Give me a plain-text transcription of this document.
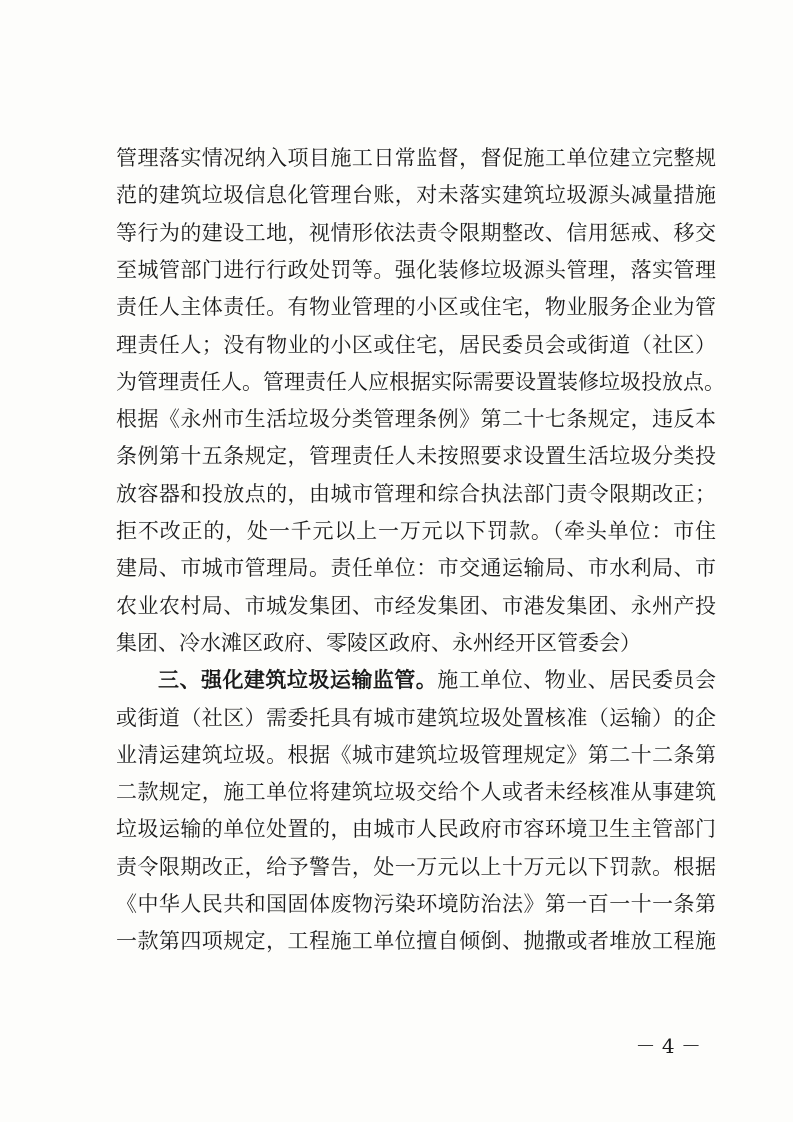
管理落实情况纳入项目施工日常监督，督促施工单位建立完整规
范的建筑垃圾信息化管理台账，对未落实建筑垃圾源头减量措施
等行为的建设工地，视情形依法责令限期整改、信用惩戒、移交
至城管部门进行行政处罚等。强化装修垃圾源头管理，落实管理
责任人主体责任。有物业管理的小区或住宅，物业服务企业为管
理责任人；没有物业的小区或住宅，居民委员会或街道（社区）
为管理责任人。管理责任人应根据实际需要设置装修垃圾投放点。
根据《永州市生活垃圾分类管理条例》第二十七条规定，违反本
条例第十五条规定，管理责任人未按照要求设置生活垃圾分类投
放容器和投放点的，由城市管理和综合执法部门责令限期改正；
拒不改正的，处一千元以上一万元以下罚款。（牵头单位：市住
建局、市城市管理局。责任单位：市交通运输局、市水利局、市
农业农村局、市城发集团、市经发集团、市港发集团、永州产投
集团、冷水滩区政府、零陵区政府、永州经开区管委会）
三、强化建筑垃圾运输监管。施工单位、物业、居民委员会
或街道（社区）需委托具有城市建筑垃圾处置核准（运输）的企
业清运建筑垃圾。根据《城市建筑垃圾管理规定》第二十二条第
二款规定，施工单位将建筑垃圾交给个人或者未经核准从事建筑
垃圾运输的单位处置的，由城市人民政府市容环境卫生主管部门
责令限期改正，给予警告，处一万元以上十万元以下罚款。根据
《中华人民共和国固体废物污染环境防治法》第一百一十一条第
一款第四项规定，工程施工单位擅自倾倒、抛撒或者堆放工程施
－ 4 －
